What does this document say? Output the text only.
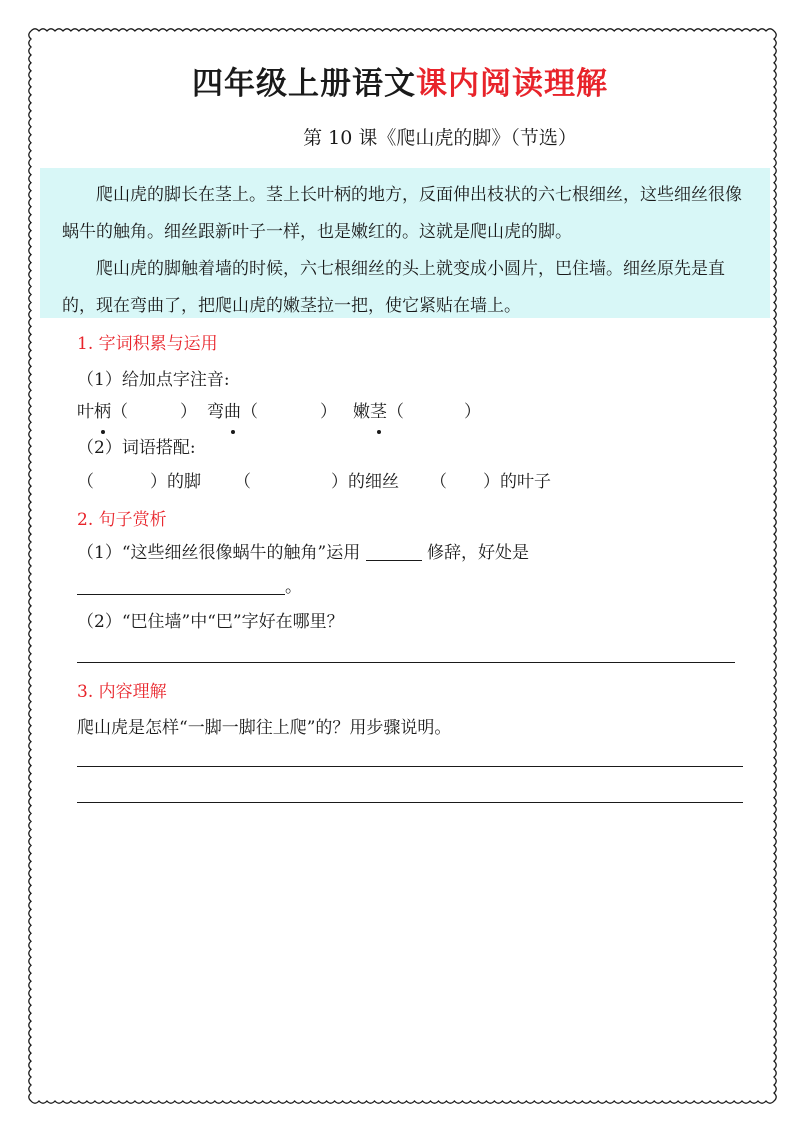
四年级上册语文课内阅读理解
第 10 课《爬山虎的脚》（节选）

爬山虎的脚长在茎上。茎上长叶柄的地方，反面伸出枝状的六七根细丝，这些细丝很像蜗牛的触角。细丝跟新叶子一样，也是嫩红的。这就是爬山虎的脚。

爬山虎的脚触着墙的时候，六七根细丝的头上就变成小圆片，巴住墙。细丝原先是直的，现在弯曲了，把爬山虎的嫩茎拉一把，使它紧贴在墙上。

1. 字词积累与运用
（1）给加点字注音:
叶柄（	） 弯曲（	） 嫩茎（	）
（2）词语搭配:
（	）的脚 （	）的细丝 （ ）的叶子
2. 句子赏析
（1）“这些细丝很像蜗牛的触角”运用	修辞，好处是
。
（2）“巴住墙”中“巴”字好在哪里？
3. 内容理解
爬山虎是怎样“一脚一脚往上爬”的？用步骤说明。
